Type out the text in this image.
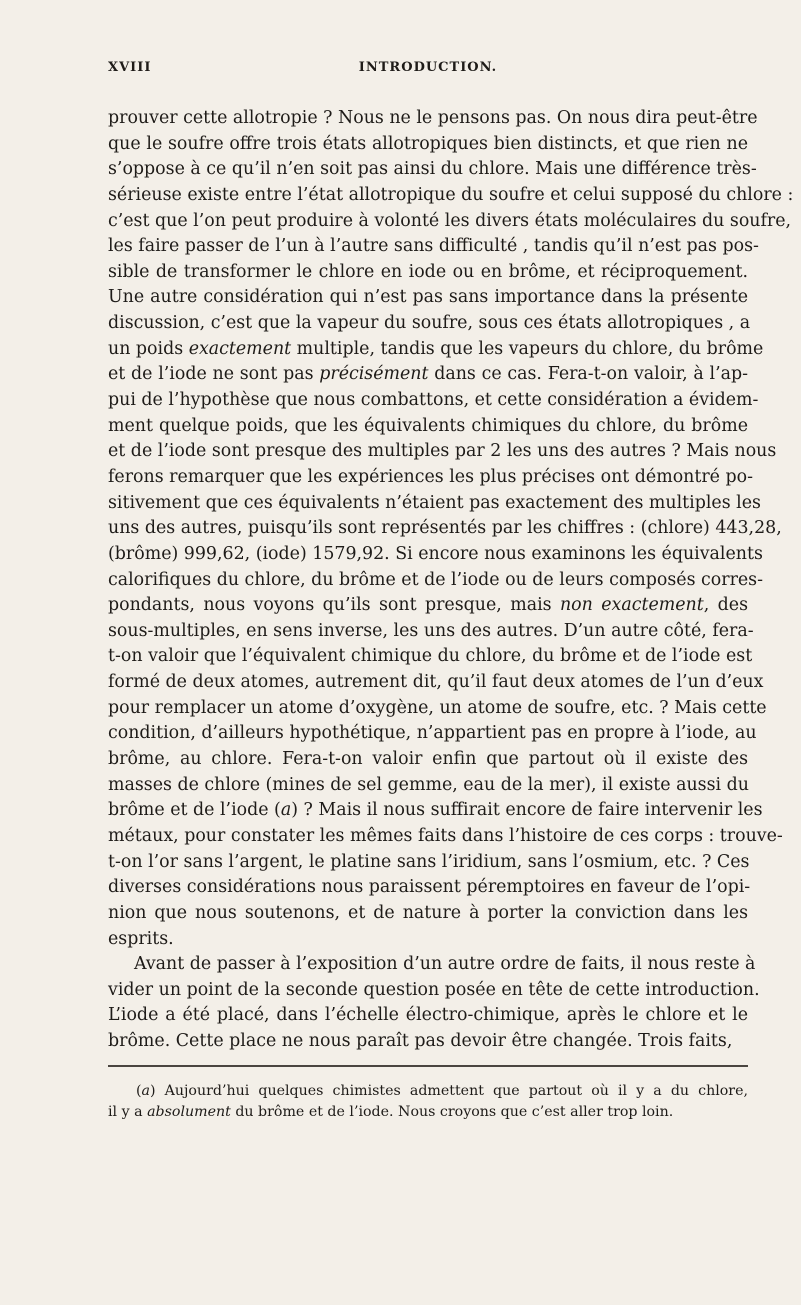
XVIII	INTRODUCTION.
prouver cette allotropie ? Nous ne le pensons pas. On nous dira peut-être
que le soufre offre trois états allotropiques bien distincts, et que rien ne
s’oppose à ce qu’il n’en soit pas ainsi du chlore. Mais une différence très-
sérieuse existe entre l’état allotropique du soufre et celui supposé du chlore :
c’est que l’on peut produire à volonté les divers états moléculaires du soufre,
les faire passer de l’un à l’autre sans difficulté , tandis qu’il n’est pas pos-
sible de transformer le chlore en iode ou en brôme, et réciproquement.
Une autre considération qui n’est pas sans importance dans la présente
discussion, c’est que la vapeur du soufre, sous ces états allotropiques , a
un poids exactement multiple, tandis que les vapeurs du chlore, du brôme
et de l’iode ne sont pas précisément dans ce cas. Fera-t-on valoir, à l’ap-
pui de l’hypothèse que nous combattons, et cette considération a évidem-
ment quelque poids, que les équivalents chimiques du chlore, du brôme
et de l’iode sont presque des multiples par 2 les uns des autres ? Mais nous
ferons remarquer que les expériences les plus précises ont démontré po-
sitivement que ces équivalents n’étaient pas exactement des multiples les
uns des autres, puisqu’ils sont représentés par les chiffres : (chlore) 443,28,
(brôme) 999,62, (iode) 1579,92. Si encore nous examinons les équivalents
calorifiques du chlore, du brôme et de l’iode ou de leurs composés corres-
pondants, nous voyons qu’ils sont presque, mais non exactement, des
sous-multiples, en sens inverse, les uns des autres. D’un autre côté, fera-
t-on valoir que l’équivalent chimique du chlore, du brôme et de l’iode est
formé de deux atomes, autrement dit, qu’il faut deux atomes de l’un d’eux
pour remplacer un atome d’oxygène, un atome de soufre, etc. ? Mais cette
condition, d’ailleurs hypothétique, n’appartient pas en propre à l’iode, au
brôme, au chlore. Fera-t-on valoir enfin que partout où il existe des
masses de chlore (mines de sel gemme, eau de la mer), il existe aussi du
brôme et de l’iode (a) ? Mais il nous suffirait encore de faire intervenir les
métaux, pour constater les mêmes faits dans l’histoire de ces corps : trouve-
t-on l’or sans l’argent, le platine sans l’iridium, sans l’osmium, etc. ? Ces
diverses considérations nous paraissent péremptoires en faveur de l’opi-
nion que nous soutenons, et de nature à porter la conviction dans les
esprits.
Avant de passer à l’exposition d’un autre ordre de faits, il nous reste à
vider un point de la seconde question posée en tête de cette introduction.
L’iode a été placé, dans l’échelle électro-chimique, après le chlore et le
brôme. Cette place ne nous paraît pas devoir être changée. Trois faits,
(a) Aujourd’hui quelques chimistes admettent que partout où il y a du chlore,
il y a absolument du brôme et de l’iode. Nous croyons que c’est aller trop loin.
